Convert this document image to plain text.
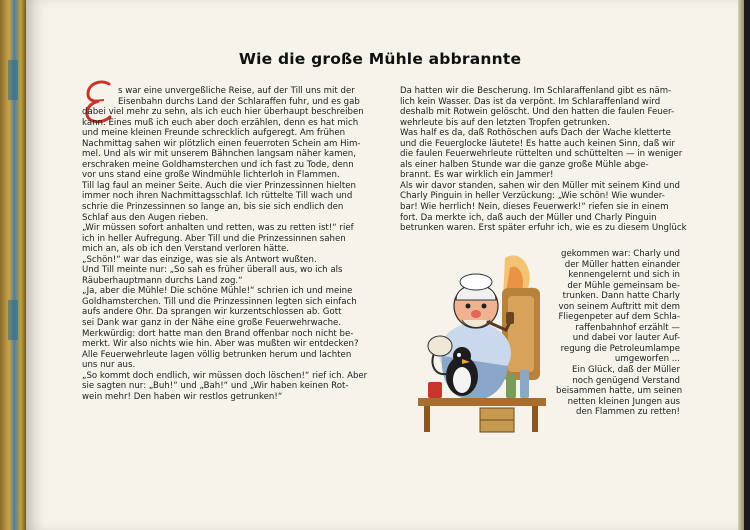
Wie die große Mühle abbrannte
E
s war eine unvergeßliche Reise, auf der Till uns mit der
Eisenbahn durchs Land der Schlaraffen fuhr, und es gab
dabei viel mehr zu sehn, als ich euch hier überhaupt beschreiben
kann. Eines muß ich euch aber doch erzählen, denn es hat mich
und meine kleinen Freunde schrecklich aufgeregt. Am frühen
Nachmittag sahen wir plötzlich einen feuerroten Schein am Him-
mel. Und als wir mit unserem Bähnchen langsam näher kamen,
erschraken meine Goldhamsterchen und ich fast zu Tode, denn
vor uns stand eine große Windmühle lichterloh in Flammen.
Till lag faul an meiner Seite. Auch die vier Prinzessinnen hielten
immer noch ihren Nachmittagsschlaf. Ich rüttelte Till wach und
schrie die Prinzessinnen so lange an, bis sie sich endlich den
Schlaf aus den Augen rieben.
„Wir müssen sofort anhalten und retten, was zu retten ist!“ rief
ich in heller Aufregung. Aber Till und die Prinzessinnen sahen
mich an, als ob ich den Verstand verloren hätte.
„Schön!“ war das einzige, was sie als Antwort wußten.
Und Till meinte nur: „So sah es früher überall aus, wo ich als
Räuberhauptmann durchs Land zog.“
„Ja, aber die Mühle! Die schöne Mühle!“ schrien ich und meine
Goldhamsterchen. Till und die Prinzessinnen legten sich einfach
aufs andere Ohr. Da sprangen wir kurzentschlossen ab. Gott
sei Dank war ganz in der Nähe eine große Feuerwehrwache.
Merkwürdig: dort hatte man den Brand offenbar noch nicht be-
merkt. Wir also nichts wie hin. Aber was mußten wir entdecken?
Alle Feuerwehrleute lagen völlig betrunken herum und lachten
uns nur aus.
„So kommt doch endlich, wir müssen doch löschen!“ rief ich. Aber
sie sagten nur: „Buh!“ und „Bah!“ und „Wir haben keinen Rot-
wein mehr! Den haben wir restlos getrunken!“
Da hatten wir die Bescherung. Im Schlaraffenland gibt es näm-
lich kein Wasser. Das ist da verpönt. Im Schlaraffenland wird
deshalb mit Rotwein gelöscht. Und den hatten die faulen Feuer-
wehrleute bis auf den letzten Tropfen getrunken.
Was half es da, daß Rothöschen aufs Dach der Wache kletterte
und die Feuerglocke läutete! Es hatte auch keinen Sinn, daß wir
die faulen Feuerwehrleute rüttelten und schüttelten — in weniger
als einer halben Stunde war die ganze große Mühle abge-
brannt. Es war wirklich ein Jammer!
Als wir davor standen, sahen wir den Müller mit seinem Kind und
Charly Pinguin in heller Verzückung: „Wie schön! Wie wunder-
bar! Wie herrlich! Nein, dieses Feuerwerk!“ riefen sie in einem
fort. Da merkte ich, daß auch der Müller und Charly Pinguin
betrunken waren. Erst später erfuhr ich, wie es zu diesem Unglück
gekommen war: Charly und
der Müller hatten einander
kennengelernt und sich in
der Mühle gemeinsam be-
trunken. Dann hatte Charly
von seinem Auftritt mit dem
Fliegenpeter auf dem Schla-
raffenbahnhof erzählt —
und dabei vor lauter Auf-
regung die Petroleumlampe
umgeworfen ...
Ein Glück, daß der Müller
noch genügend Verstand
beisammen hatte, um seinen
netten kleinen Jungen aus
den Flammen zu retten!
